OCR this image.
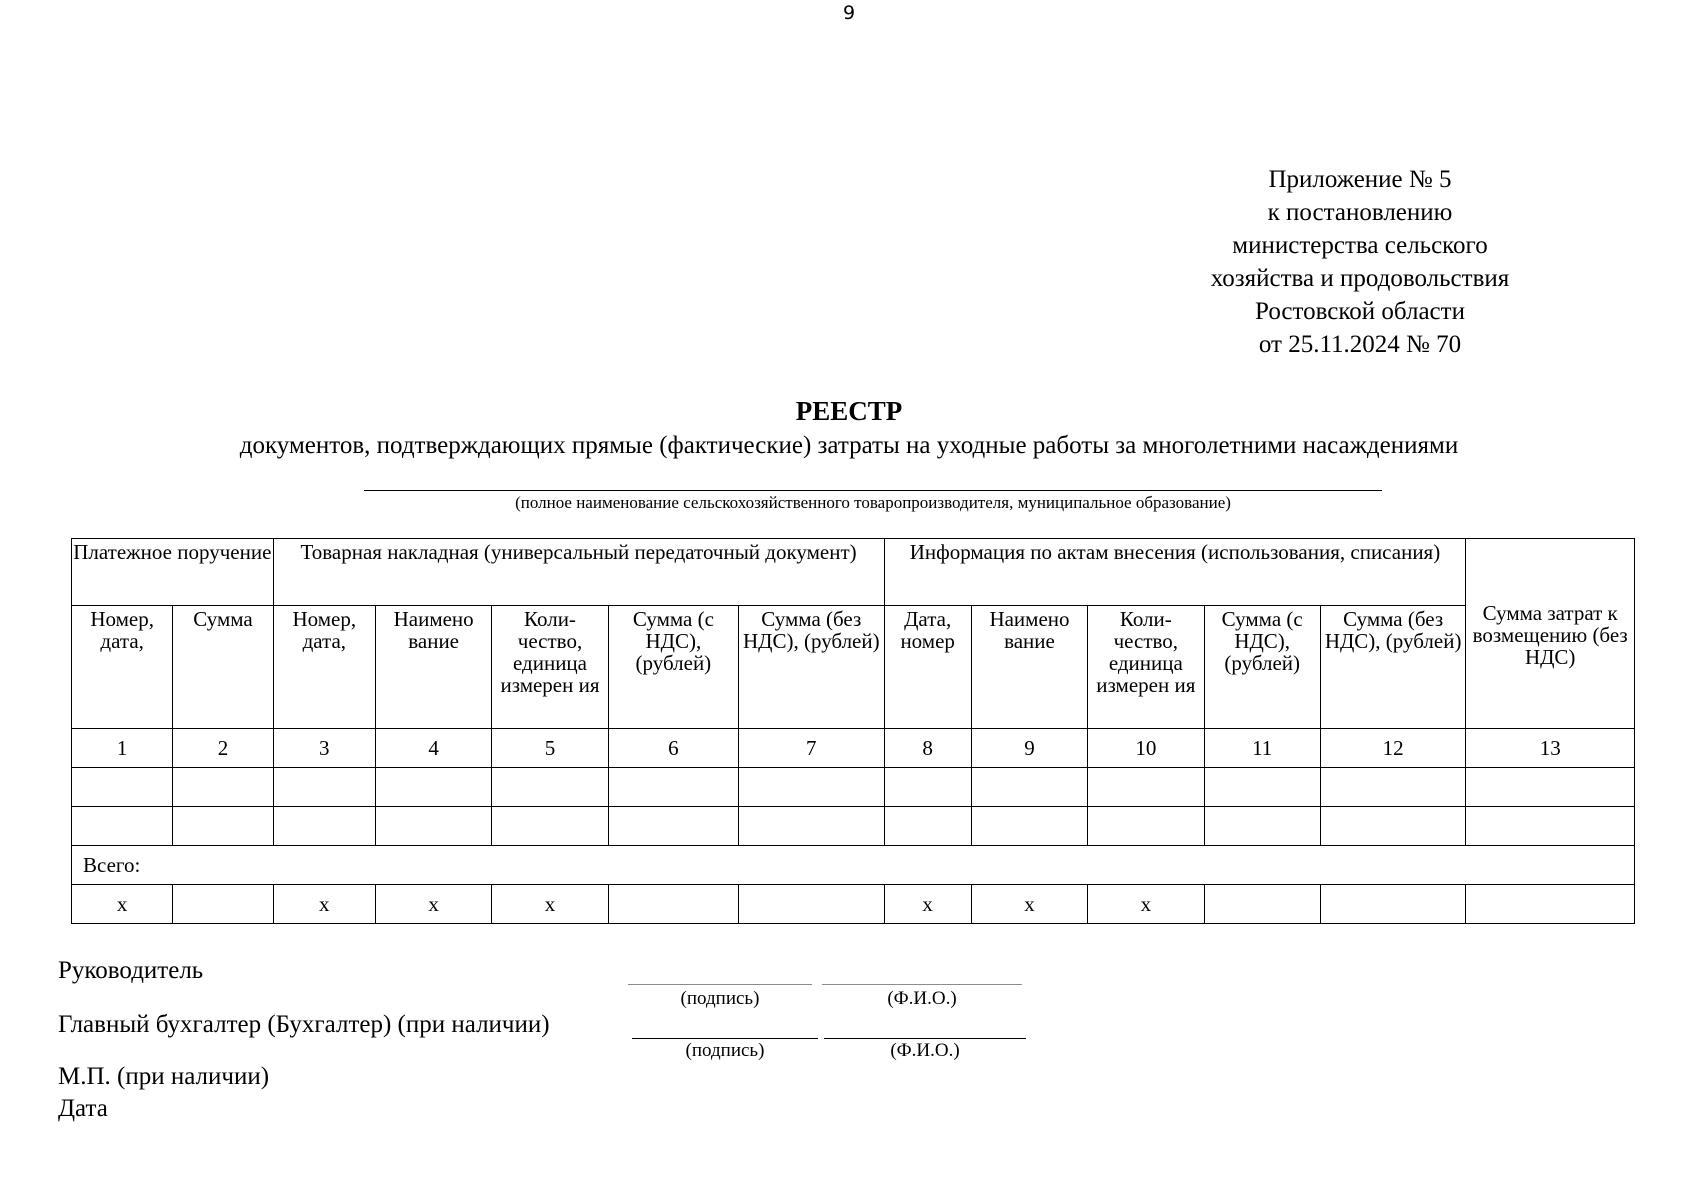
9
Приложение № 5
к постановлению
министерства сельского
хозяйства и продовольствия
Ростовской области
от 25.11.2024 № 70
РЕЕСТР
документов, подтверждающих прямые (фактические) затраты на уходные работы за многолетними насаждениями
(полное наименование сельскохозяйственного товаропроизводителя, муниципальное образование)
Платежное поручение		Товарная накладная (универсальный передаточный документ)					Информация по актам внесения (использования, списания)					Сумма затрат к возмещению (без НДС)
Номер, дата,	Сумма	Номер, дата,	Наимено вание	Коли- чество, единица измерен ия	Сумма (с НДС), (рублей)	Сумма (без НДС), (рублей)	Дата, номер	Наимено вание	Коли- чество, единица измерен ия	Сумма (с НДС), (рублей)	Сумма (без НДС), (рублей)	
1	2	3	4	5	6	7	8	9	10	11	12	13

Всего:												
х		х	х	х			х	х	х			
Руководитель
(подпись)	(Ф.И.О.)
Главный бухгалтер (Бухгалтер) (при наличии)
(подпись)	(Ф.И.О.)
М.П. (при наличии)
Дата
